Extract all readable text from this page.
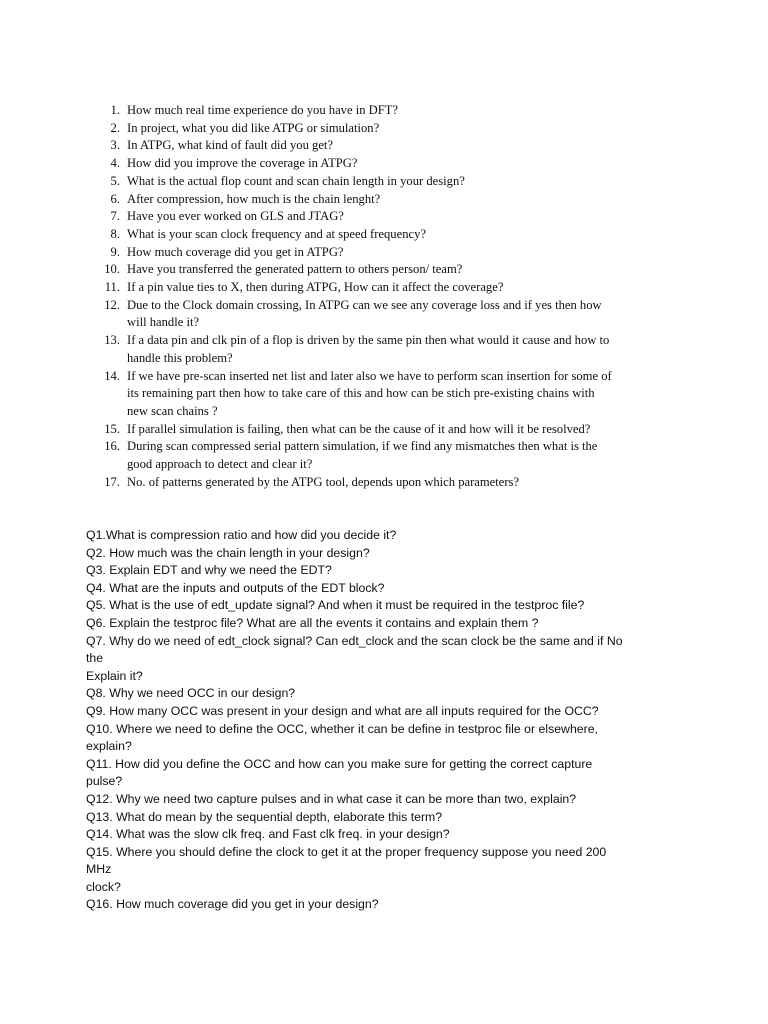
1. How much real time experience do you have in DFT?
2. In project, what you did like ATPG or simulation?
3. In ATPG, what kind of fault did you get?
4. How did you improve the coverage in ATPG?
5. What is the actual flop count and scan chain length in your design?
6. After compression, how much is the chain lenght?
7. Have you ever worked on GLS and JTAG?
8. What is your scan clock frequency and at speed frequency?
9. How much coverage did you get in ATPG?
10. Have you transferred the generated pattern to others person/ team?
11. If a pin value ties to X, then during ATPG, How can it affect the coverage?
12. Due to the Clock domain crossing, In ATPG can we see any coverage loss and if yes then how will handle it?
13. If a data pin and clk pin of a flop is driven by the same pin then what would it cause and how to handle this problem?
14. If we have pre-scan inserted net list and later also we have to perform scan insertion for some of its remaining part then how to take care of this and how can be stich pre-existing chains with new scan chains ?
15. If parallel simulation is failing, then what can be the cause of it and how will it be resolved?
16. During scan compressed serial pattern simulation, if we find any mismatches then what is the good approach to detect and clear it?
17. No. of patterns generated by the ATPG tool, depends upon which parameters?
Q1.What is compression ratio and how did you decide it?
Q2. How much was the chain length in your design?
Q3. Explain EDT and why we need the EDT?
Q4. What are the inputs and outputs of the EDT block?
Q5. What is the use of edt_update signal? And when it must be required in the testproc file?
Q6. Explain the testproc file? What are all the events it contains and explain them ?
Q7. Why do we need of edt_clock signal? Can edt_clock and the scan clock be the same and if No the
Explain it?
Q8. Why we need OCC in our design?
Q9. How many OCC was present in your design and what are all inputs required for the OCC?
Q10. Where we need to define the OCC, whether it can be define in testproc file or elsewhere, explain?
Q11. How did you define the OCC and how can you make sure for getting the correct capture pulse?
Q12. Why we need two capture pulses and in what case it can be more than two, explain?
Q13. What do mean by the sequential depth, elaborate this term?
Q14. What was the slow clk freq. and Fast clk freq. in your design?
Q15. Where you should define the clock to get it at the proper frequency suppose you need 200 MHz
clock?
Q16. How much coverage did you get in your design?
